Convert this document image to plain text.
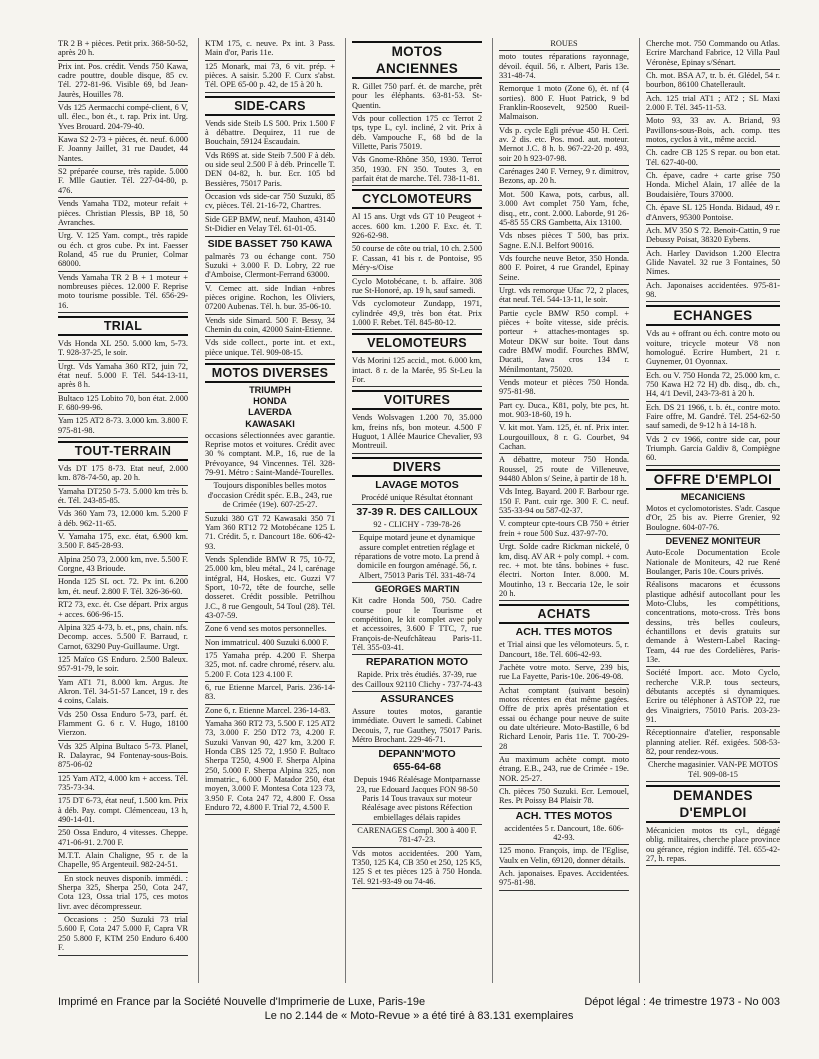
TR 2 B + pièces. Petit prix. 368-50-52, après 20 h.
Prix int. Pos. crédit. Vends 750 Kawa, cadre pouttre, double disque, 85 cv. Tél. 272-81-96. Visible 69, bd Jean-Jaurès, Houilles 78.
Vds 125 Aermacchi compé-client, 6 V, ull. élec., bon ét., t. rap. Prix int. Urg. Yves Brouard. 204-79-40.
Kawa S2 2-73 + pièces, ét. neuf. 6.000 F. Joanny Jaillet, 31 rue Daudet, 44 Nantes.
S2 préparée course, très rapide. 5.000 F. Mlle Gautier. Tél. 227-04-80, p. 476.
Vends Yamaha TD2, moteur refait + pièces. Christian Plessis, BP 18, 50 Avranches.
Urg. V. 125 Yam. compt., très rapide ou éch. ct gros cube. Px int. Faesser Roland, 45 rue du Prunier, Colmar 68000.
Vends Yamaha TR 2 B + 1 moteur + nombreuses pièces. 12.000 F. Reprise moto tourisme possible. Tél. 656-29-16.
TRIAL
Vds Honda XL 250. 5.000 km, 5-73. T. 928-37-25, le soir.
Urgt. Vds Yamaha 360 RT2, juin 72, état neuf. 5.000 F. Tél. 544-13-11, après 8 h.
Bultaco 125 Lobito 70, bon état. 2.000 F. 680-99-96.
Yam 125 AT2 8-73. 3.000 km. 3.800 F. 975-81-98.
TOUT-TERRAIN
Vds DT 175 8-73. Etat neuf, 2.000 km. 878-74-50, ap. 20 h.
Yamaha DT250 5-73. 5.000 km très b. ét. Tél. 243-85-85.
Vds 360 Yam 73, 12.000 km. 5.200 F à déb. 962-11-65.
V. Yamaha 175, exc. état, 6.900 km. 3.500 F. 845-28-93.
Alpina 250 73, 2.000 km, nve. 5.500 F. Corgne, 43 Brioude.
Honda 125 SL oct. 72. Px int. 6.200 km, ét. neuf. 2.800 F. Tél. 326-36-60.
RT2 73, exc. ét. Cse départ. Prix argus + acces. 606-96-15.
Alpina 325 4-73, b. et., pns, chain. nfs. Decomp. acces. 5.500 F. Barraud, r. Carnot, 63290 Puy-Guillaume. Urgt.
125 Maïco GS Enduro. 2.500 Baleux. 957-91-79, le soir.
Yam AT1 71, 8.000 km. Argus. Jte Akron. Tél. 34-51-57 Lancet, 19 r. des 4 coins, Calais.
Vds 250 Ossa Enduro 5-73, parf. ét. Flamment G. 6 r. V. Hugo, 18100 Vierzon.
Vds 325 Alpina Bultaco 5-73. Planel, R. Dalayrac, 94 Fontenay-sous-Bois. 875-06-02
125 Yam AT2, 4.000 km + access. Tél. 735-73-34.
175 DT 6-73, état neuf, 1.500 km. Prix à déb. Pay. compt. Clémenceau, 13 h, 490-14-01.
250 Ossa Enduro, 4 vitesses. Cheppe. 471-06-91. 2.700 F.
M.T.T. Alain Chaligne, 95 r. de la Chapelle, 95 Argenteuil. 982-24-51.
En stock neuves disponib. immédi. : Sherpa 325, Sherpa 250, Cota 247, Cota 123, Ossa trial 175, ces motos livr. avec décompresseur.
Occasions : 250 Suzuki 73 trial 5.600 F, Cota 247 5.000 F, Capra VR 250 5.800 F, KTM 250 Enduro 6.400 F.
KTM 175, c. neuve. Px int. 3 Pass. Main d'or, Paris 11e.
125 Monark, mai 73, 6 vit. prép. + pièces. A saisir. 5.200 F. Curx s'abst. Tél. OPE 65-00 p. 42, de 15 à 20 h.
SIDE-CARS
Vends side Steib LS 500. Prix 1.500 F à débattre. Dequirez, 11 rue de Bouchain, 59124 Escaudain.
Vds R69S at. side Steib 7.500 F à déb. ou side seul 2.500 F à déb. Princelle T. DEN 04-82, h. bur. Ecr. 105 bd Bessières, 75017 Paris.
Occasion vds side-car 750 Suzuki, 85 cv, pièces. Tél. 21-16-72, Chartres.
Side GEP BMW, neuf. Mauhon, 43140 St-Didier en Velay Tél. 61-01-05.
SIDE BASSET 750 KAWA
palmarès 73 ou échange cont. 750 Suzuki + 3.000 F. D. Lobry, 22 rue d'Amboise, Clermont-Ferrand 63000.
V. Cemec att. side Indian +nbres pièces origine. Rochon, les Oliviers, 07200 Aubenas. Tél. h. bur. 35-06-10.
Vends side Simard. 500 F. Bessy, 34 Chemin du coin, 42000 Saint-Etienne.
Vds side collect., porte int. et ext., pièce unique. Tél. 909-08-15.
MOTOS DIVERSES
TRIUMPH
HONDA
LAVERDA
KAWASAKI
occasions sélectionnées avec garantie. Reprise motos et voitures. Crédit avec 30 % comptant. M.P., 16, rue de la Prévoyance, 94 Vincennes. Tél. 328-79-91. Métro : Saint-Mandé-Tourelles.
Toujours disponibles belles motos d'occasion Crédit spéc. E.B., 243, rue de Crimée (19e). 607-25-27.
Suzuki 380 GT 72 Kawasaki 350 71 Yam 360 RT12 72 Motobécane 125 L 71. Crédit. 5, r. Dancourt 18e. 606-42-93.
Vends Splendide BMW R 75, 10-72, 25.000 km, bleu métal., 24 l, carénage intégral, H4, Hoskes, etc. Guzzi V7 Sport, 10-72, tête de fourche, selle dosseret. Crédit possible. Petrilhou J.C., 8 rue Gengoult, 54 Toul (28). Tél. 43-07-59.
Zone 6 vend ses motos personnelles.
Non immatricul. 400 Suzuki 6.000 F.
175 Yamaha prép. 4.200 F. Sherpa 325, mot. nf. cadre chromé, réserv. alu. 5.200 F. Cota 123 4.100 F.
6, rue Etienne Marcel, Paris. 236-14-83.
Zone 6, r. Etienne Marcel. 236-14-83.
Yamaha 360 RT2 73, 5.500 F. 125 AT2 73, 3.000 F. 250 DT2 73, 4.200 F. Suzuki Vanvan 90, 427 km, 3.200 F. Honda CBS 125 72, 1.950 F. Bultaco Sherpa T250, 4.900 F. Sherpa Alpina 250, 5.000 F. Sherpa Alpina 325, non immatric., 6.000 F. Matador 250, état moyen, 3.000 F. Montesa Cota 123 73, 3.950 F. Cota 247 72, 4.800 F. Ossa Enduro 72, 4.800 F. Trial 72, 4.500 F.
MOTOS ANCIENNES
R. Gillet 750 parf. ét. de marche, prêt pour les éléphants. 63-81-53. St-Quentin.
Vds pour collection 175 cc Terrot 2 tps, type L, cyl. incliné, 2 vit. Prix à déb. Vampouche F., 68 bd de la Villette, Paris 75019.
Vds Gnome-Rhône 350, 1930. Terrot 350, 1930. FN 350. Toutes 3, en parfait état de marche. Tél. 738-11-81.
CYCLOMOTEURS
Al 15 ans. Urgt vds GT 10 Peugeot + acces. 600 km. 1.200 F. Exc. ét. T. 926-62-98.
50 course de côte ou trial, 10 ch. 2.500 F. Cassan, 41 bis r. de Pontoise, 95 Méry-s/Oise
Cyclo Motobécane, t. b. affaire. 308 rue St-Honoré, ap. 19 h, sauf samedi.
Vds cyclomoteur Zundapp, 1971, cylindrée 49,9, très bon état. Prix 1.000 F. Rebet. Tél. 845-80-12.
VELOMOTEURS
Vds Morini 125 accid., mot. 6.000 km, intact. 8 r. de la Marée, 95 St-Leu la For.
VOITURES
Vends Wolsvagen 1.200 70, 35.000 km, freins nfs, bon moteur. 4.500 F Huguot, 1 Allée Maurice Chevalier, 93 Montreuil.
DIVERS
LAVAGE MOTOS
Procédé unique Résultat étonnant
37-39 R. DES CAILLOUX
92 - CLICHY - 739-78-26
Equipe motard jeune et dynamique assure complet entretien réglage et réparations de votre moto. La prend à domicile en fourgon aménagé. 56, r. Albert, 75013 Paris Tél. 331-48-74
GEORGES MARTIN
Kit cadre Honda 500, 750. Cadre course pour le Tourisme et compétition, le kit complet avec poly et accessoires, 3.600 F TTC, 7, rue François-de-Neufchâteau Paris-11. Tél. 355-03-41.
REPARATION MOTO
Rapide. Prix très étudiés. 37-39, rue des Cailloux 92110 Clichy - 737-74-43
ASSURANCES
Assure toutes motos, garantie immédiate. Ouvert le samedi. Cabinet Decouis, 7, rue Gauthey, 75017 Paris. Métro Brochant. 229-46-71.
DEPANN'MOTO
655-64-68
Depuis 1946 Réalésage Montparnasse 23, rue Edouard Jacques FON 98-50 Paris 14 Tous travaux sur moteur Réalésage avec pistons Réfection embiellages délais rapides
CARENAGES Compl. 300 à 400 F. 781-47-23.
Vds motos accidentées. 200 Yam, T350, 125 K4, CB 350 et 250, 125 K5, 125 S et tes pièces 125 à 750 Honda. Tél. 921-93-49 ou 74-46.
ROUES
moto toutes réparations rayonnage, dévoil. équil. 56, r. Albert, Paris 13e. 331-48-74.
Remorque 1 moto (Zone 6), ét. nf (4 sorties). 800 F. Huot Patrick, 9 bd Franklin-Roosevelt, 92500 Rueil-Malmaison.
Vds p. cycle Egli prévue 450 H. Ceri. av. 2 dis. etc. Pos. mod. aut. moteur. Mernot J.C. 8 h. b. 967-22-20 p. 493, soir 20 h 923-07-98.
Carénages 240 F. Verney, 9 r. dimitrov, Bezons, ap. 20 h.
Mot. 500 Kawa, pots, carbus, all. 3.000 Avt complet 750 Yam, fche, disq., etr., cont. 2.000. Laborde, 91 26-45-85 55 CRS Gambetta, Aix 13100.
Vds nbses pièces T 500, bas prix. Sagne. E.N.I. Belfort 90016.
Vds fourche neuve Betor, 350 Honda. 800 F. Poiret, 4 rue Grandel, Epinay Seine.
Urgt. vds remorque Ufac 72, 2 places, état neuf. Tél. 544-13-11, le soir.
Partie cycle BMW R50 compl. + pièces + boîte vitesse, side précis. porteur + attaches-montages sp. Moteur DKW sur boite. Tout dans cadre BMW modif. Fourches BMW, Ducati, Jawa cros 134 r. Ménilmontant, 75020.
Vends moteur et pièces 750 Honda. 975-81-98.
Part cy. Duca., K81, poly, bte pcs, ht. mot. 903-18-60, 19 h.
V. kit mot. Yam. 125, ét. nf. Prix inter. Lourgouilloux, 8 r. G. Courbet, 94 Cachan.
A débattre, moteur 750 Honda. Roussel, 25 route de Villeneuve, 94480 Ablon s/ Seine, à partir de 18 h.
Vds Integ. Bayard. 200 F. Barbour rge. 150 F. Pant. cuir rge. 300 F. C. neuf. 535-33-94 ou 587-02-37.
V. compteur cpte-tours CB 750 + étrier frein + roue 500 Suz. 437-97-70.
Urgt. Solde cadre Rickman nickelé, 0 km, disq. AV AR + poly compl. + com. rec. + mot. bte tâns. bobines + fusc. électri. Norton Inter. 8.000. M. Moutinho, 13 r. Beccaria 12e, le soir 20 h.
ACHATS
ACH. TTES MOTOS
et Trial ainsi que les vélomoteurs. 5, r. Dancourt, 18e. Tél. 606-42-93.
J'achète votre moto. Serve, 239 bis, rue La Fayette, Paris-10e. 206-49-08.
Achat comptant (suivant besoin) motos récentes en état même gagées. Offre de prix après présentation et essai ou échange pour neuve de suite ou date ultérieure. Moto-Bastille, 6 bd Richard Lenoir, Paris 11e. T. 700-29-28
Au maximum achète compt. moto étrang. E.B., 243, rue de Crimée - 19e. NOR. 25-27.
Ch. pièces 750 Suzuki. Ecr. Lemouel, Res. Pt Poissy B4 Plaisir 78.
ACH. TTES MOTOS
accidentées 5 r. Dancourt, 18e. 606-42-93.
125 mono. François, imp. de l'Eglise, Vaulx en Velin, 69120, donner détails.
Ach. japonaises. Epaves. Accidentées. 975-81-98.
Cherche mot. 750 Commando ou Atlas. Ecrire Marchand Fabrice, 12 Villa Paul Véronèse, Epinay s/Sénart.
Ch. mot. BSA A7, tr. b. ét. Glédel, 54 r. bourbon, 86100 Chatellerault.
Ach. 125 trial AT1 ; AT2 ; SL Maxi 2.000 F. Tél. 345-11-53.
Moto 93, 33 av. A. Briand, 93 Pavillons-sous-Bois, ach. comp. ttes motos, cyclos à vit., même accid.
Ch. cadre CB 125 S repar. ou bon etat. Tél. 627-40-00.
Ch. épave, cadre + carte grise 750 Honda. Michel Alain, 17 allée de la Boudaisière, Tours 37000.
Ch. épave SL 125 Honda. Bidaud, 49 r. d'Anvers, 95300 Pontoise.
Ach. MV 350 S 72. Benoit-Cattin, 9 rue Debussy Poisat, 38320 Eybens.
Ach. Harley Davidson 1.200 Electra Glide Navatel. 32 rue 3 Fontaines, 50 Nimes.
Ach. Japonaises accidentées. 975-81-98.
ECHANGES
Vds au + offrant ou éch. contre moto ou voiture, tricycle moteur V8 non homologué. Ecrire Humbert, 21 r. Guynemer, 01 Oyonnax.
Ech. ou V. 750 Honda 72, 25.000 km, c. 750 Kawa H2 72 H) db. disq., db. ch., H4, 4/1 Devil, 243-73-81 à 20 h.
Ech. DS 21 1966, t. b. ét., contre moto. Faire offre, M. Gandré. Tél. 254-62-50 sauf samedi, de 9-12 h à 14-18 h.
Vds 2 cv 1966, contre side car, pour Triumph. Garcia Galdiv 8, Compiègne 60.
OFFRE D'EMPLOI
MECANICIENS
Motos et cyclomotoristes. S'adr. Casque d'Or, 25 bis av. Pierre Grenier, 92 Boulogne. 604-07-76.
DEVENEZ MONITEUR
Auto-Ecole Documentation Ecole Nationale de Moniteurs, 42 rue René Boulanger, Paris 10e. Cours privés.
Réalisons macarons et écussons plastique adhésif autocollant pour les Moto-Clubs, les compétitions, concentrations, moto-cross. Très bons dessins, très belles couleurs, échantillons et devis gratuits sur demande à Western-Label Racing-Team, 44 rue des Cordelières, Paris-13e.
Société Import. acc. Moto Cyclo, recherche V.R.P. tous secteurs, débutants acceptés si dynamiques. Ecrire ou téléphoner à ASTOP 22, rue des Vinaigriers, 75010 Paris. 203-23-91.
Réceptionnaire d'atelier, responsable planning atelier. Réf. exigées. 508-53-82, pour rendez-vous.
Cherche magasinier. VAN-PE MOTOS Tél. 909-08-15
DEMANDES D'EMPLOI
Mécanicien motos tts cyl., dégagé oblig. militaires, cherche place province ou gérance, région indiffé. Tél. 655-42-27, h. repas.
Imprimé en France par la Société Nouvelle d'Imprimerie de Luxe, Paris-19e	Dépot légal : 4e trimestre 1973 - No 003
Le no 2.144 de « Moto-Revue » a été tiré à 83.131 exemplaires
